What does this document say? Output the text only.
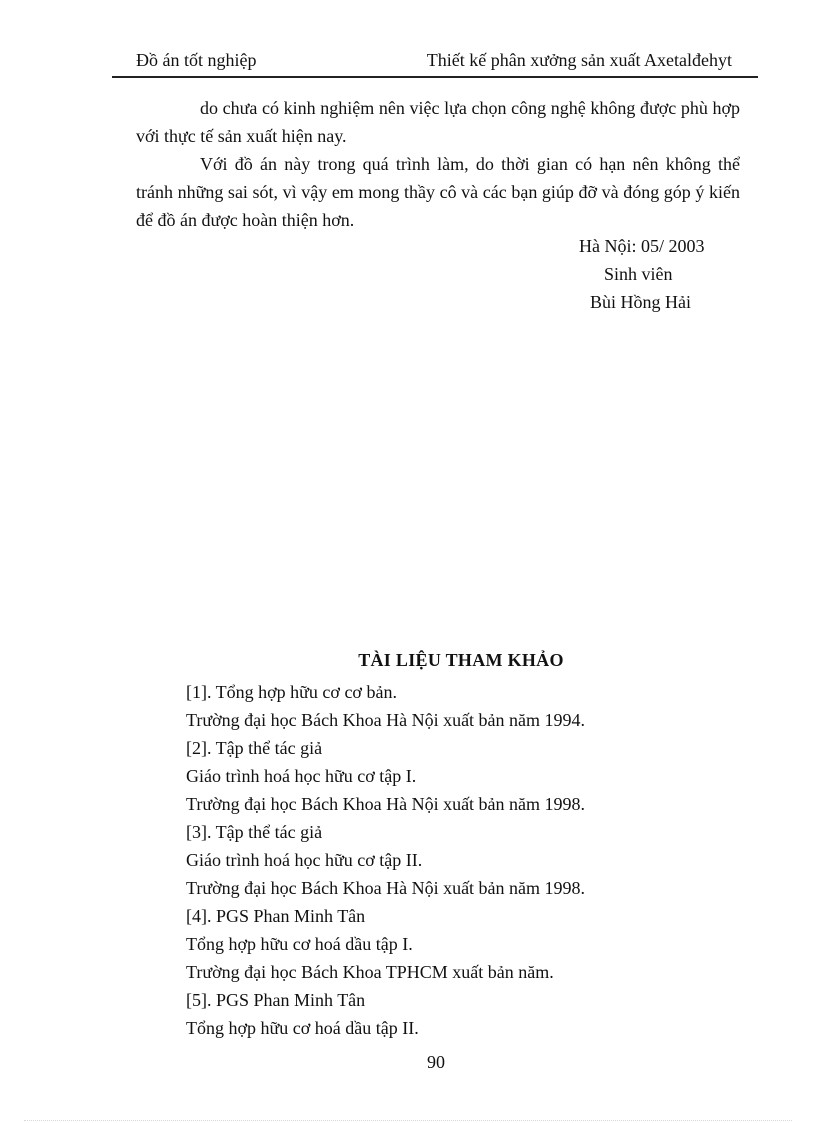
Đồ án tốt nghiệp	Thiết kế phân xưởng sản xuất Axetalđehyt

do chưa có kinh nghiệm nên việc lựa chọn công nghệ không được phù hợp với thực tế sản xuất hiện nay.

Với đồ án này trong quá trình làm, do thời gian có hạn nên không thể tránh những sai sót, vì vậy em mong thầy cô và các bạn giúp đỡ và đóng góp ý kiến để đồ án được hoàn thiện hơn.

Hà Nội: 05/ 2003
Sinh viên
Bùi Hồng Hải
TÀI LIỆU THAM KHẢO
[1]. Tổng hợp hữu cơ cơ bản.
Trường đại học Bách Khoa Hà Nội xuất bản năm 1994.
[2]. Tập thể tác giả
Giáo trình hoá học hữu cơ tập I.
Trường đại học Bách Khoa Hà Nội xuất bản năm 1998.
[3]. Tập thể tác giả
Giáo trình hoá học hữu cơ tập II.
Trường đại học Bách Khoa Hà Nội xuất bản năm 1998.
[4]. PGS Phan Minh Tân
Tổng hợp hữu cơ hoá dầu tập I.
Trường đại học Bách Khoa TPHCM xuất bản năm.
[5]. PGS Phan Minh Tân
Tổng hợp hữu cơ hoá dầu tập II.
90
